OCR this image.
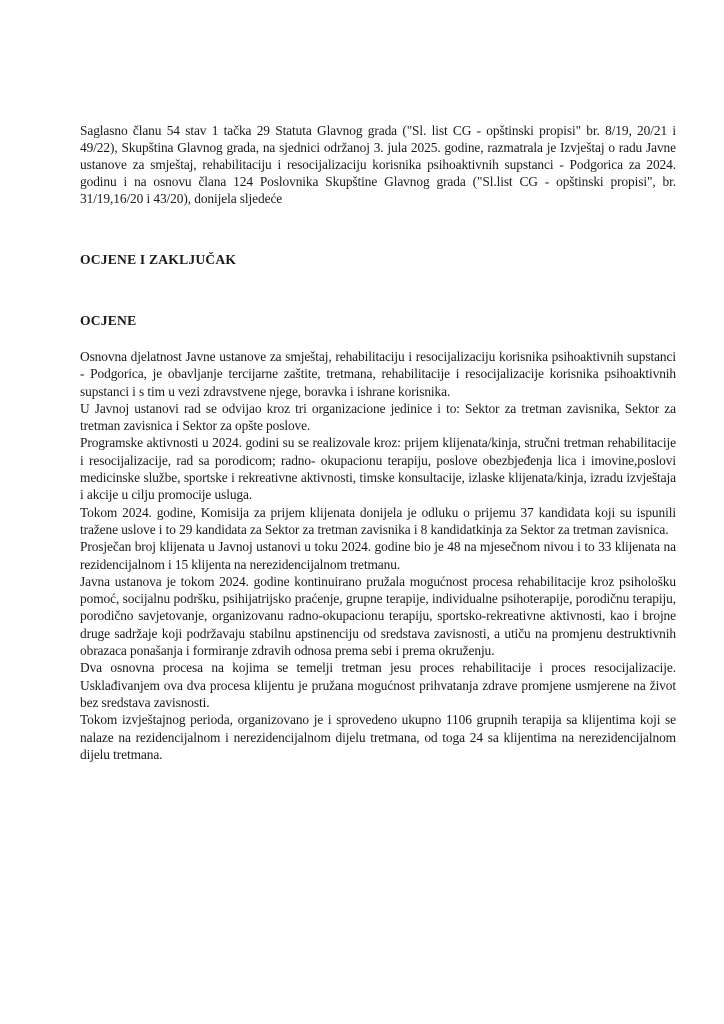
Saglasno članu 54 stav 1 tačka 29 Statuta Glavnog grada ("Sl. list CG - opštinski propisi" br. 8/19, 20/21 i 49/22), Skupština Glavnog grada, na sjednici održanoj 3. jula 2025. godine, razmatrala je Izvještaj o radu Javne ustanove za smještaj, rehabilitaciju i resocijalizaciju korisnika psihoaktivnih supstanci - Podgorica za 2024. godinu i na osnovu člana 124 Poslovnika Skupštine Glavnog grada ("Sl.list CG - opštinski propisi", br. 31/19,16/20 i 43/20), donijela sljedeće
OCJENE I ZAKLJUČAK
OCJENE

Osnovna djelatnost Javne ustanove za smještaj, rehabilitaciju i resocijalizaciju korisnika psihoaktivnih supstanci - Podgorica, je obavljanje tercijarne zaštite, tretmana, rehabilitacije i resocijalizacije korisnika psihoaktivnih supstanci i s tim u vezi zdravstvene njege, boravka i ishrane korisnika.

U Javnoj ustanovi rad se odvijao kroz tri organizacione jedinice i to: Sektor za tretman zavisnika, Sektor za tretman zavisnica i Sektor za opšte poslove.

Programske aktivnosti u 2024. godini su se realizovale kroz: prijem klijenata/kinja, stručni tretman rehabilitacije i resocijalizacije, rad sa porodicom; radno- okupacionu terapiju, poslove obezbjeđenja lica i imovine,poslovi medicinske službe, sportske i rekreativne aktivnosti, timske konsultacije, izlaske klijenata/kinja, izradu izvještaja i akcije u cilju promocije usluga.

Tokom 2024. godine, Komisija za prijem klijenata donijela je odluku o prijemu 37 kandidata koji su ispunili tražene uslove i to 29 kandidata za Sektor za tretman zavisnika i 8 kandidatkinja za Sektor za tretman zavisnica.

Prosječan broj klijenata u Javnoj ustanovi u toku 2024. godine bio je 48 na mjesečnom nivou i to 33 klijenata na rezidencijalnom i 15 klijenta na nerezidencijalnom tretmanu.

Javna ustanova je tokom 2024. godine kontinuirano pružala mogućnost procesa rehabilitacije kroz psihološku pomoć, socijalnu podršku, psihijatrijsko praćenje, grupne terapije, individualne psihoterapije, porodičnu terapiju, porodično savjetovanje, organizovanu radno-okupacionu terapiju, sportsko-rekreativne aktivnosti, kao i brojne druge sadržaje koji podržavaju stabilnu apstinenciju od sredstava zavisnosti, a utiču na promjenu destruktivnih obrazaca ponašanja i formiranje zdravih odnosa prema sebi i prema okruženju.

Dva osnovna procesa na kojima se temelji tretman jesu proces rehabilitacije i proces resocijalizacije. Usklađivanjem ova dva procesa klijentu je pružana mogućnost prihvatanja zdrave promjene usmjerene na život bez sredstava zavisnosti.

Tokom izvještajnog perioda, organizovano je i sprovedeno ukupno 1106 grupnih terapija sa klijentima koji se nalaze na rezidencijalnom i nerezidencijalnom dijelu tretmana, od toga 24 sa klijentima na nerezidencijalnom dijelu tretmana.
